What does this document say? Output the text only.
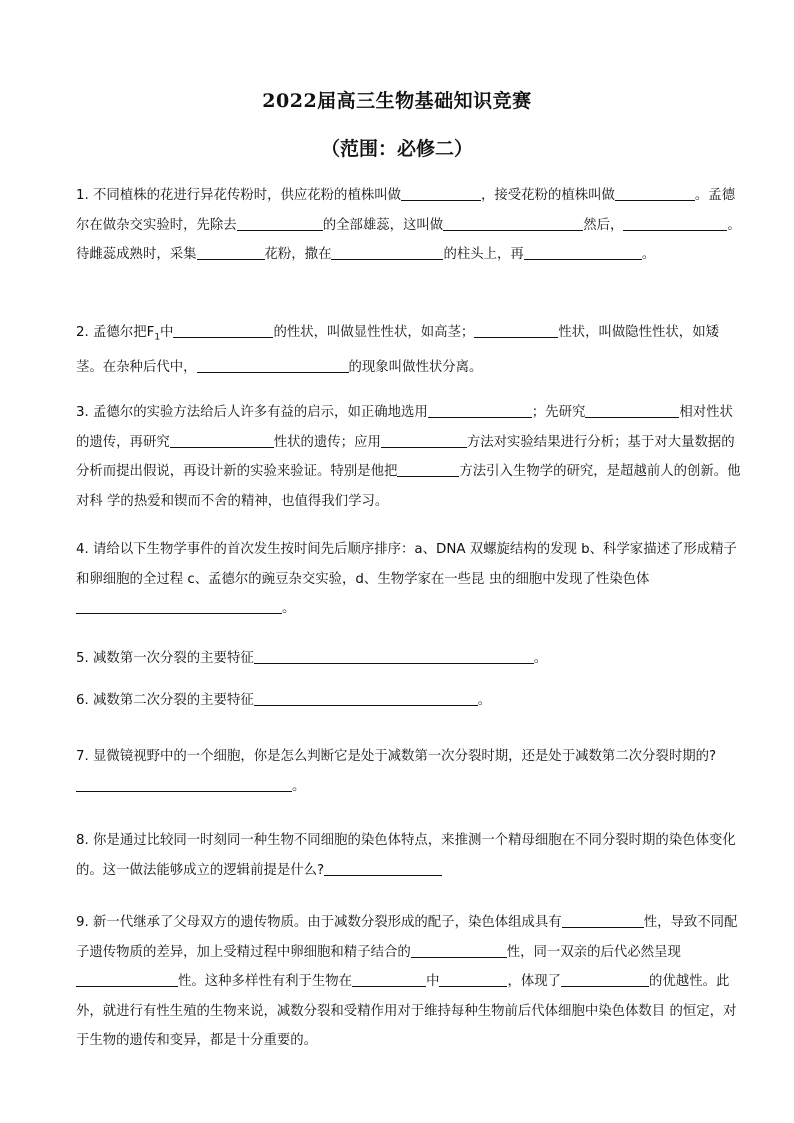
2022届高三生物基础知识竞赛
（范围：必修二）

1. 不同植株的花进行异花传粉时，供应花粉的植株叫做	，接受花粉的植株叫做	。孟德尔在做杂交实验时，先除去	的全部雄蕊，这叫做	然后，	。待雌蕊成熟时，采集	花粉，撒在	的柱头上，再	。

2. 孟德尔把$F_1$中	的性状，叫做显性性状，如高茎；	性状，叫做隐性性状，如矮茎。在杂种后代中，	的现象叫做性状分离。

3. 孟德尔的实验方法给后人许多有益的启示，如正确地选用	；先研究	相对性状的遗传，再研究	性状的遗传；应用	方法对实验结果进行分析；基于对大量数据的分析而提出假说，再设计新的实验来验证。特别是他把	方法引入生物学的研究，是超越前人的创新。他对科 学的热爱和锲而不舍的精神，也值得我们学习。

4. 请给以下生物学事件的首次发生按时间先后顺序排序：a、DNA 双螺旋结构的发现 b、科学家描述了形成精子和卵细胞的全过程 c、孟德尔的豌豆杂交实验，d、生物学家在一些昆 虫的细胞中发现了性染色体。

5. 减数第一次分裂的主要特征	。

6. 减数第二次分裂的主要特征	。

7. 显微镜视野中的一个细胞，你是怎么判断它是处于减数第一次分裂时期，还是处于减数第二次分裂时期的?。

8. 你是通过比较同一时刻同一种生物不同细胞的染色体特点，来推测一个精母细胞在不同分裂时期的染色体变化的。这一做法能够成立的逻辑前提是什么?

9. 新一代继承了父母双方的遗传物质。由于减数分裂形成的配子，染色体组成具有	性，导致不同配子遗传物质的差异，加上受精过程中卵细胞和精子结合的	性，同一双亲的后代必然呈现性。这种多样性有利于生物在	中	，体现了	的优越性。此外，就进行有性生殖的生物来说，减数分裂和受精作用对于维持每种生物前后代体细胞中染色体数目 的恒定，对于生物的遗传和变异，都是十分重要的。
